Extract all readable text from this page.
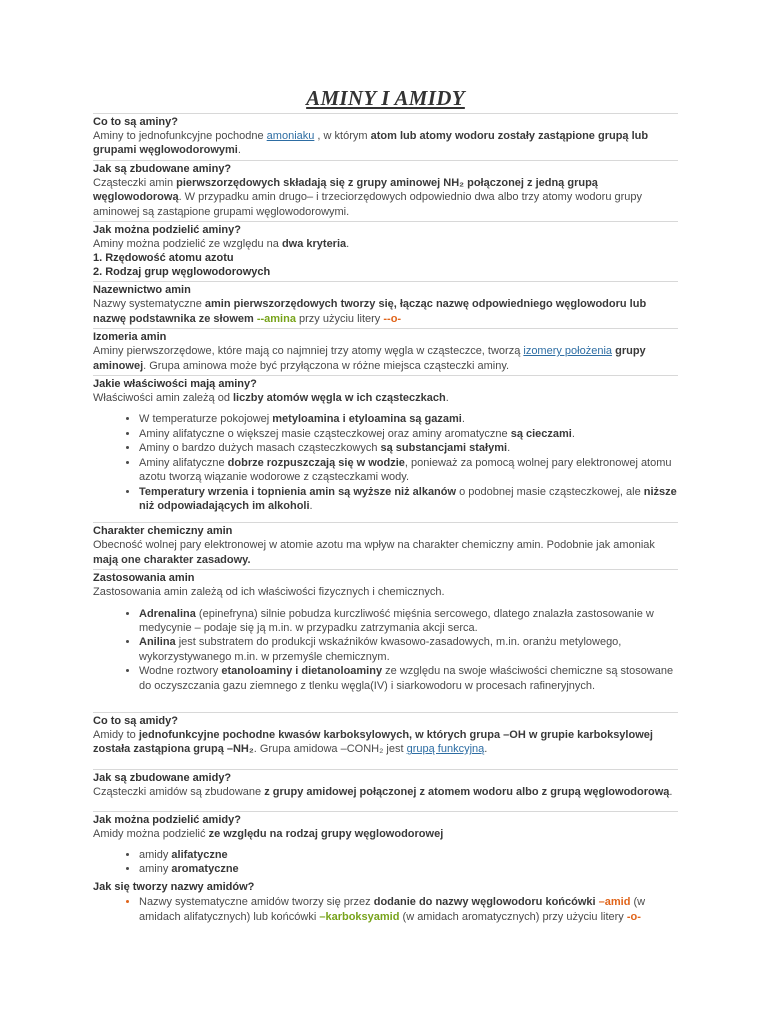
AMINY I AMIDY
Co to są aminy?

Aminy to jednofunkcyjne pochodne amoniaku , w którym atom lub atomy wodoru zostały zastąpione grupą lub grupami węglowodorowymi.

Jak są zbudowane aminy?

Cząsteczki amin pierwszorzędowych składają się z grupy aminowej NH₂ połączonej z jedną grupą węglowodorową. W przypadku amin drugo– i trzeciorzędowych odpowiednio dwa albo trzy atomy wodoru grupy aminowej są zastąpione grupami węglowodorowymi.

Jak można podzielić aminy?

Aminy można podzielić ze względu na dwa kryteria.

1. Rzędowość atomu azotu
2. Rodzaj grup węglowodorowych
Nazewnictwo amin

Nazwy systematyczne amin pierwszorzędowych tworzy się, łącząc nazwę odpowiedniego węglowodoru lub nazwę podstawnika ze słowem --amina przy użyciu litery --o-

Izomeria amin

Aminy pierwszorzędowe, które mają co najmniej trzy atomy węgla w cząsteczce, tworzą izomery położenia grupy aminowej. Grupa aminowa może być przyłączona w różne miejsca cząsteczki aminy.

Jakie właściwości mają aminy?

Właściwości amin zależą od liczby atomów węgla w ich cząsteczkach.

• W temperaturze pokojowej metyloamina i etyloamina są gazami.
• Aminy alifatyczne o większej masie cząsteczkowej oraz aminy aromatyczne są cieczami.
• Aminy o bardzo dużych masach cząsteczkowych są substancjami stałymi.
• Aminy alifatyczne dobrze rozpuszczają się w wodzie, ponieważ za pomocą wolnej pary elektronowej atomu azotu tworzą wiązanie wodorowe z cząsteczkami wody.
• Temperatury wrzenia i topnienia amin są wyższe niż alkanów o podobnej masie cząsteczkowej, ale niższe niż odpowiadających im alkoholi.
Charakter chemiczny amin

Obecność wolnej pary elektronowej w atomie azotu ma wpływ na charakter chemiczny amin. Podobnie jak amoniak mają one charakter zasadowy.

Zastosowania amin

Zastosowania amin zależą od ich właściwości fizycznych i chemicznych.

• Adrenalina (epinefryna) silnie pobudza kurczliwość mięśnia sercowego, dlatego znalazła zastosowanie w medycynie – podaje się ją m.in. w przypadku zatrzymania akcji serca.
• Anilina jest substratem do produkcji wskaźników kwasowo-zasadowych, m.in. oranżu metylowego, wykorzystywanego m.in. w przemyśle chemicznym.
• Wodne roztwory etanoloaminy i dietanoloaminy ze względu na swoje właściwości chemiczne są stosowane do oczyszczania gazu ziemnego z tlenku węgla(IV) i siarkowodoru w procesach rafineryjnych.
Co to są amidy?

Amidy to jednofunkcyjne pochodne kwasów karboksylowych, w których grupa –OH w grupie karboksylowej została zastąpiona grupą –NH₂. Grupa amidowa –CONH₂ jest grupą funkcyjną.

Jak są zbudowane amidy?

Cząsteczki amidów są zbudowane z grupy amidowej połączonej z atomem wodoru albo z grupą węglowodorową.

Jak można podzielić amidy?

Amidy można podzielić ze względu na rodzaj grupy węglowodorowej

• amidy alifatyczne
• aminy aromatyczne
Jak się tworzy nazwy amidów?
• Nazwy systematyczne amidów tworzy się przez dodanie do nazwy węglowodoru końcówki –amid (w amidach alifatycznych) lub końcówki –karboksyamid (w amidach aromatycznych) przy użyciu litery -o-
